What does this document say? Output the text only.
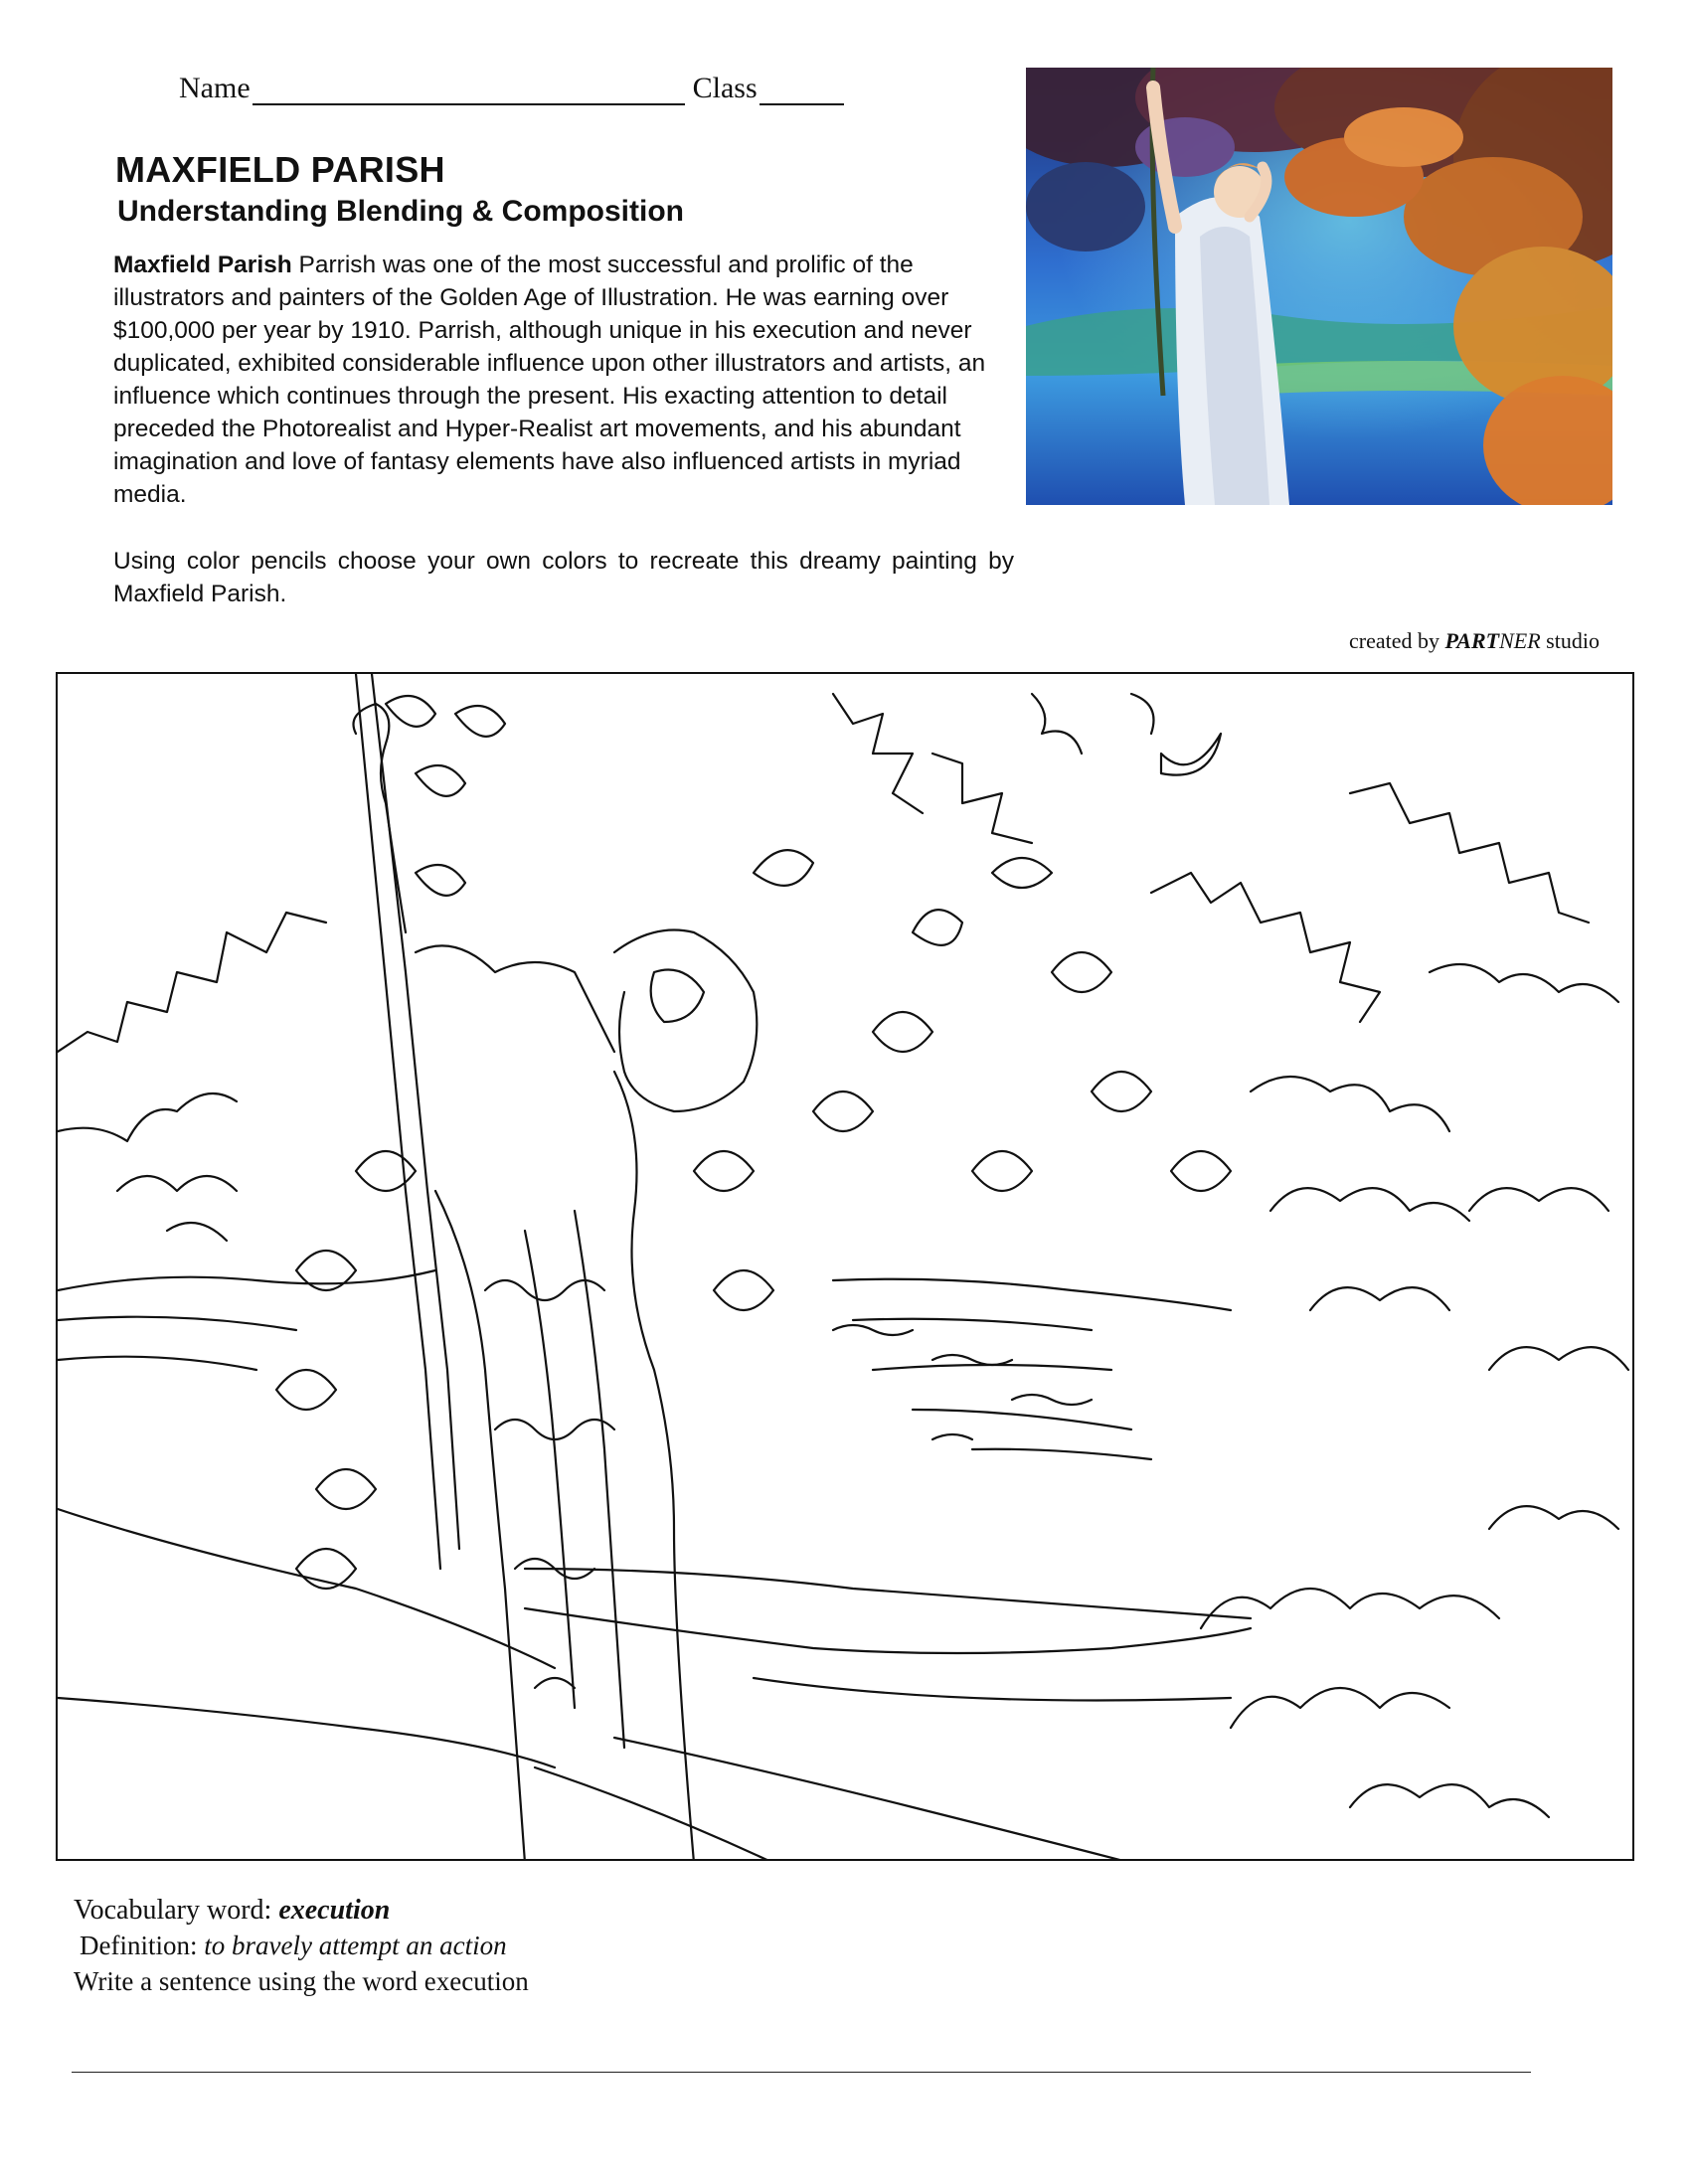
Name	Class
MAXFIELD PARISH
Understanding Blending & Composition
Maxfield Parish Parrish was one of the most successful and prolific of the illustrators and painters of the Golden Age of Illustration. He was earning over $100,000 per year by 1910. Parrish, although unique in his execution and never duplicated, exhibited considerable influence upon other illustrators and artists, an influence which continues through the present. His exacting attention to detail preceded the Photorealist and Hyper-Realist art movements, and his abundant imagination and love of fantasy elements have also influenced artists in myriad media.
Using color pencils choose your own colors to recreate this dreamy painting by Maxfield Parish.
created by PARTNER studio
Vocabulary word: execution
Definition: to bravely attempt an action
Write a sentence using the word execution
